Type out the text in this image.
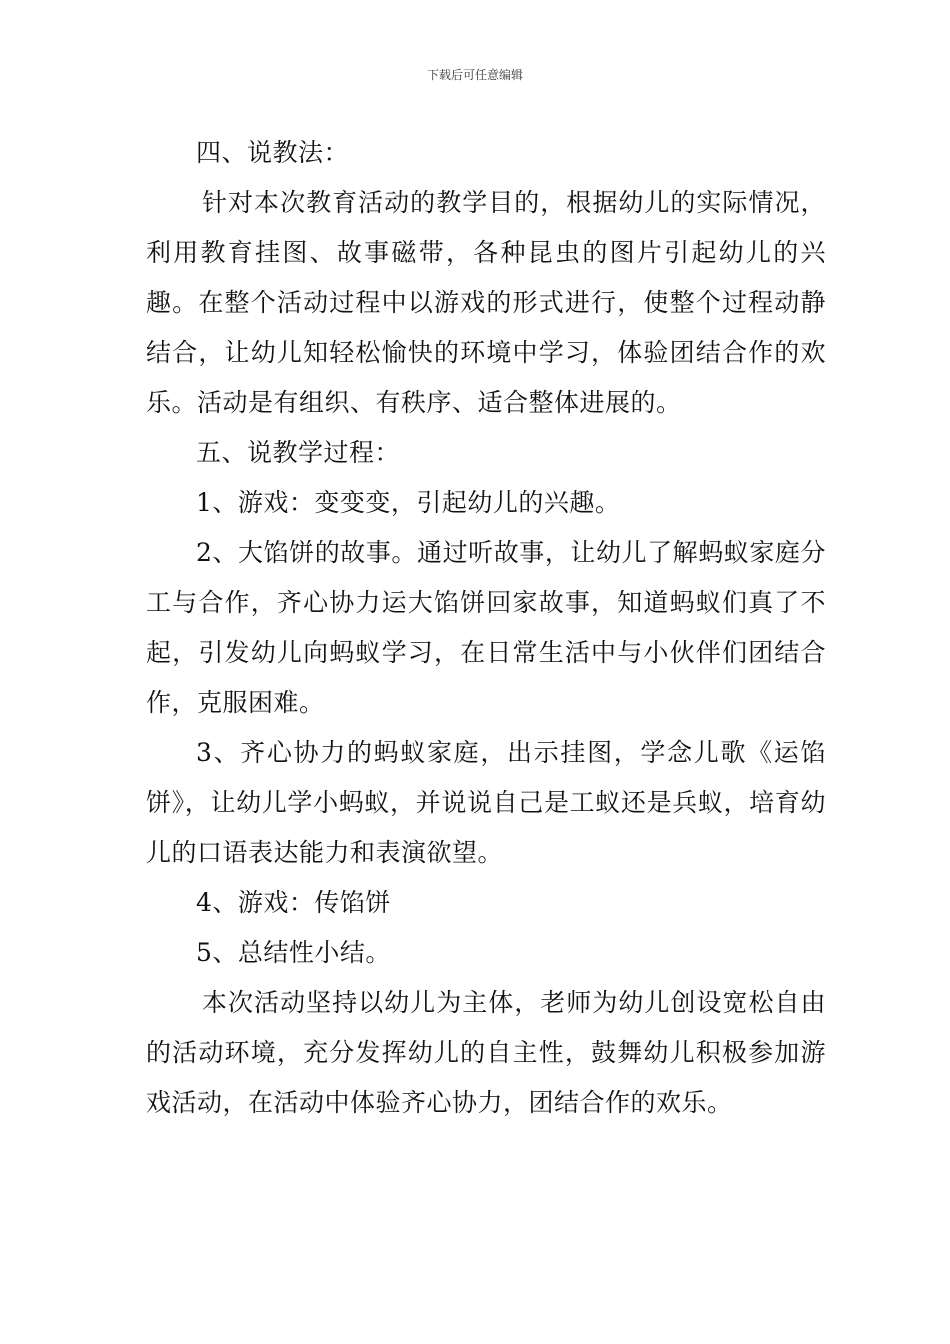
下载后可任意编辑

四、说教法：

针对本次教育活动的教学目的，根据幼儿的实际情况，利用教育挂图、故事磁带，各种昆虫的图片引起幼儿的兴趣。在整个活动过程中以游戏的形式进行，使整个过程动静结合，让幼儿知轻松愉快的环境中学习，体验团结合作的欢乐。活动是有组织、有秩序、适合整体进展的。

五、说教学过程：

1、游戏：变变变，引起幼儿的兴趣。

2、大馅饼的故事。通过听故事，让幼儿了解蚂蚁家庭分工与合作，齐心协力运大馅饼回家故事，知道蚂蚁们真了不起，引发幼儿向蚂蚁学习，在日常生活中与小伙伴们团结合作，克服困难。

3、齐心协力的蚂蚁家庭，出示挂图，学念儿歌《运馅饼》，让幼儿学小蚂蚁，并说说自己是工蚁还是兵蚁，培育幼儿的口语表达能力和表演欲望。

4、游戏：传馅饼

5、总结性小结。

本次活动坚持以幼儿为主体，老师为幼儿创设宽松自由的活动环境，充分发挥幼儿的自主性，鼓舞幼儿积极参加游戏活动，在活动中体验齐心协力，团结合作的欢乐。
